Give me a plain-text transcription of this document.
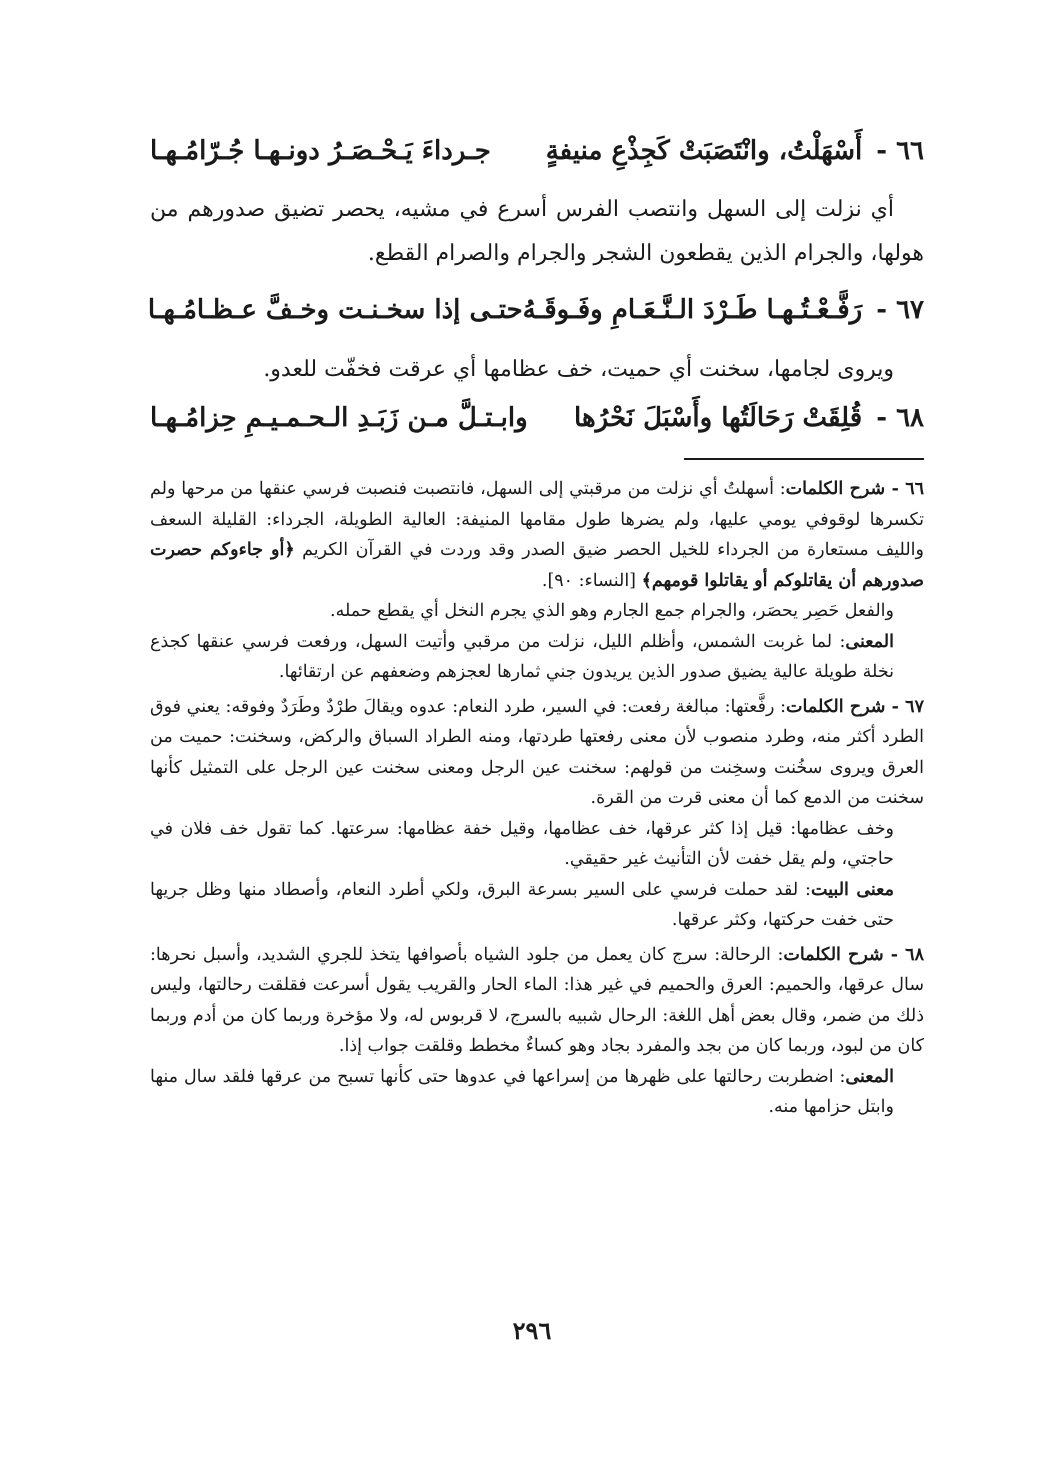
٦٦ -
أَسْهَلْتُ، وانْتَصَبَتْ كَجِذْعِ منيفةٍ
جـرداءَ يَـحْـصَـرُ دونـهـا جُـرّامُـهـا

أي نزلت إلى السهل وانتصب الفرس أسرع في مشيه، يحصر تضيق صدورهم من هولها، والجرام الذين يقطعون الشجر والجرام والصرام القطع.

٦٧ -
رَفَّـعْـتُـهـا طَـرْدَ الـنَّـعَـامِ وفَـوقَـهُ
حتـى إذا سخـنـت وخـفَّ عـظـامُـهـا

ويروى لجامها، سخنت أي حميت، خف عظامها أي عرقت فخفّت للعدو.

٦٨ -
قُلِقَتْ رَحَالَتُها وأَسْبَلَ نَحْرُها
وابـتـلَّ مـن زَبَـدِ الـحـمـيـمِ حِزامُـهـا

٦٦ - شرح الكلمات: أسهلتُ أي نزلت من مرقبتي إلى السهل، فانتصبت فنصبت فرسي عنقها من مرحها ولم تكسرها لوقوفي يومي عليها، ولم يضرها طول مقامها المنيفة: العالية الطويلة، الجرداء: القليلة السعف والليف مستعارة من الجرداء للخيل الحصر ضيق الصدر وقد وردت في القرآن الكريم ﴿أو جاءوكم حصرت صدورهم أن يقاتلوكم أو يقاتلوا قومهم﴾ [النساء: ٩٠].

والفعل حَصِر يحصَر، والجرام جمع الجارم وهو الذي يجرم النخل أي يقطع حمله.

المعنى: لما غربت الشمس، وأظلم الليل، نزلت من مرقبي وأتيت السهل، ورفعت فرسي عنقها كجذع نخلة طويلة عالية يضيق صدور الذين يريدون جني ثمارها لعجزهم وضعفهم عن ارتقائها.

٦٧ - شرح الكلمات: رفَّعتها: مبالغة رفعت: في السير، طرد النعام: عدوه ويقالَ طرْدٌ وطَرَدٌ وفوقه: يعني فوق الطرد أكثر منه، وطرد منصوب لأن معنى رفعتها طردتها، ومنه الطراد السباق والركض، وسخنت: حميت من العرق ويروى سخُنت وسخِنت من قولهم: سخنت عين الرجل ومعنى سخنت عين الرجل على التمثيل كأنها سخنت من الدمع كما أن معنى قرت من القرة.

وخف عظامها: قيل إذا كثر عرقها، خف عظامها، وقيل خفة عظامها: سرعتها. كما تقول خف فلان في حاجتي، ولم يقل خفت لأن التأنيث غير حقيقي.

معنى البيت: لقد حملت فرسي على السير بسرعة البرق، ولكي أطرد النعام، وأصطاد منها وظل جريها حتى خفت حركتها، وكثر عرقها.

٦٨ - شرح الكلمات: الرحالة: سرج كان يعمل من جلود الشياه بأصوافها يتخذ للجري الشديد، وأسبل نحرها: سال عرقها، والحميم: العرق والحميم في غير هذا: الماء الحار والقريب يقول أسرعت فقلقت رحالتها، وليس ذلك من ضمر، وقال بعض أهل اللغة: الرحال شبيه بالسرج، لا قربوس له، ولا مؤخرة وربما كان من أدم وربما كان من لبود، وربما كان من بجد والمفرد بجاد وهو كساءٌ مخطط وقلقت جواب إذا.

المعنى: اضطربت رحالتها على ظهرها من إسراعها في عدوها حتى كأنها تسبح من عرقها فلقد سال منها وابتل حزامها منه.

٢٩٦
